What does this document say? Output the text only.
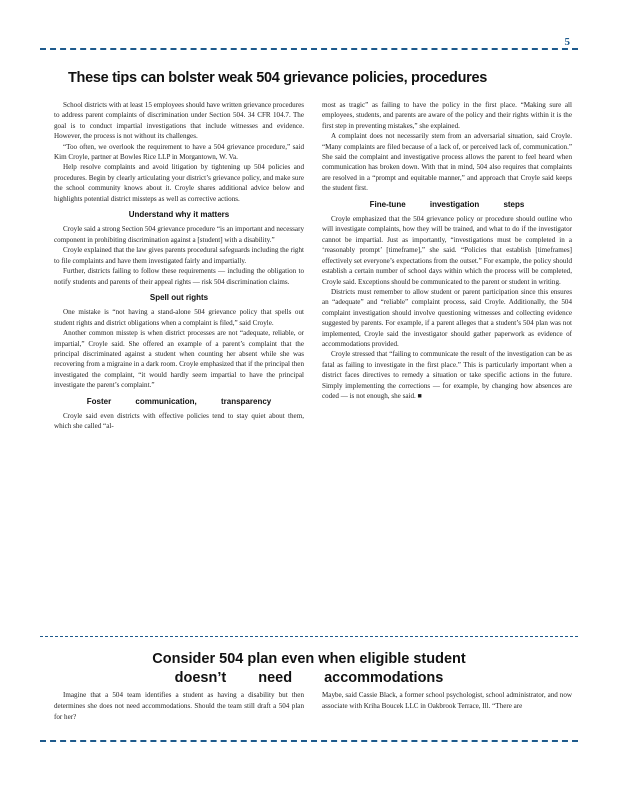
5
These tips can bolster weak 504 grievance policies, procedures

School districts with at least 15 employees should have written grievance procedures to address parent complaints of discrimination under Section 504. 34 CFR 104.7. The goal is to conduct impartial investigations that include witnesses and evidence. However, the process is not without its challenges.

“Too often, we overlook the requirement to have a 504 grievance procedure,” said Kim Croyle, partner at Bowles Rice LLP in Morgantown, W. Va.

Help resolve complaints and avoid litigation by tightening up 504 policies and procedures. Begin by clearly articulating your district’s grievance policy, and make sure the school community knows about it. Croyle shares additional advice below and highlights potential district missteps as well as corrective actions.

Understand why it matters

Croyle said a strong Section 504 grievance procedure “is an important and necessary component in prohibiting discrimination against a [student] with a disability.”

Croyle explained that the law gives parents procedural safeguards including the right to file complaints and have them investigated fairly and impartially.

Further, districts failing to follow these requirements — including the obligation to notify students and parents of their appeal rights — risk 504 discrimination claims.

Spell out rights

One mistake is “not having a stand-alone 504 grievance policy that spells out student rights and district obligations when a complaint is filed,” said Croyle.

Another common misstep is when district processes are not “adequate, reliable, or impartial,” Croyle said. She offered an example of a parent’s complaint that the principal discriminated against a student when counting her absent while she was recovering from a migraine in a dark room. Croyle emphasized that if the principal then investigated the complaint, “it would hardly seem impartial to have the principal investigate the parent’s complaint.”

Foster communication, transparency

Croyle said even districts with effective policies tend to stay quiet about them, which she called “al-

most as tragic” as failing to have the policy in the first place. “Making sure all employees, students, and parents are aware of the policy and their rights within it is the first step in preventing mistakes,” she explained.

A complaint does not necessarily stem from an adversarial situation, said Croyle. “Many complaints are filed because of a lack of, or perceived lack of, communication.” She said the complaint and investigative process allows the parent to feel heard when communication has broken down. With that in mind, 504 also requires that complaints are resolved in a “prompt and equitable manner,” and approach that Croyle said keeps the student first.

Fine-tune investigation steps

Croyle emphasized that the 504 grievance policy or procedure should outline who will investigate complaints, how they will be trained, and what to do if the investigator cannot be impartial. Just as importantly, “investigations must be completed in a ‘reasonably prompt’ [timeframe],” she said. “Policies that establish [timeframes] effectively set everyone’s expectations from the outset.” For example, the policy should establish a certain number of school days within which the process will be completed, Croyle said. Exceptions should be communicated to the parent or student in writing.

Districts must remember to allow student or parent participation since this ensures an “adequate” and “reliable” complaint process, said Croyle. Additionally, the 504 complaint investigation should involve questioning witnesses and collecting evidence suggested by parents. For example, if a parent alleges that a student’s 504 plan was not implemented, Croyle said the investigator should gather paperwork as evidence of accommodations provided.

Croyle stressed that “failing to communicate the result of the investigation can be as fatal as failing to investigate in the first place.” This is particularly important when a district faces directives to remedy a situation or take specific actions in the future. Simply implementing the corrections — for example, by changing how absences are coded — is not enough, she said. ■

Consider 504 plan even when eligible student
doesn’t need accommodations

Imagine that a 504 team identifies a student as having a disability but then determines she does not need accommodations. Should the team still draft a 504 plan for her?

Maybe, said Cassie Black, a former school psychologist, school administrator, and now associate with Kriha Boucek LLC in Oakbrook Terrace, Ill. “There are
